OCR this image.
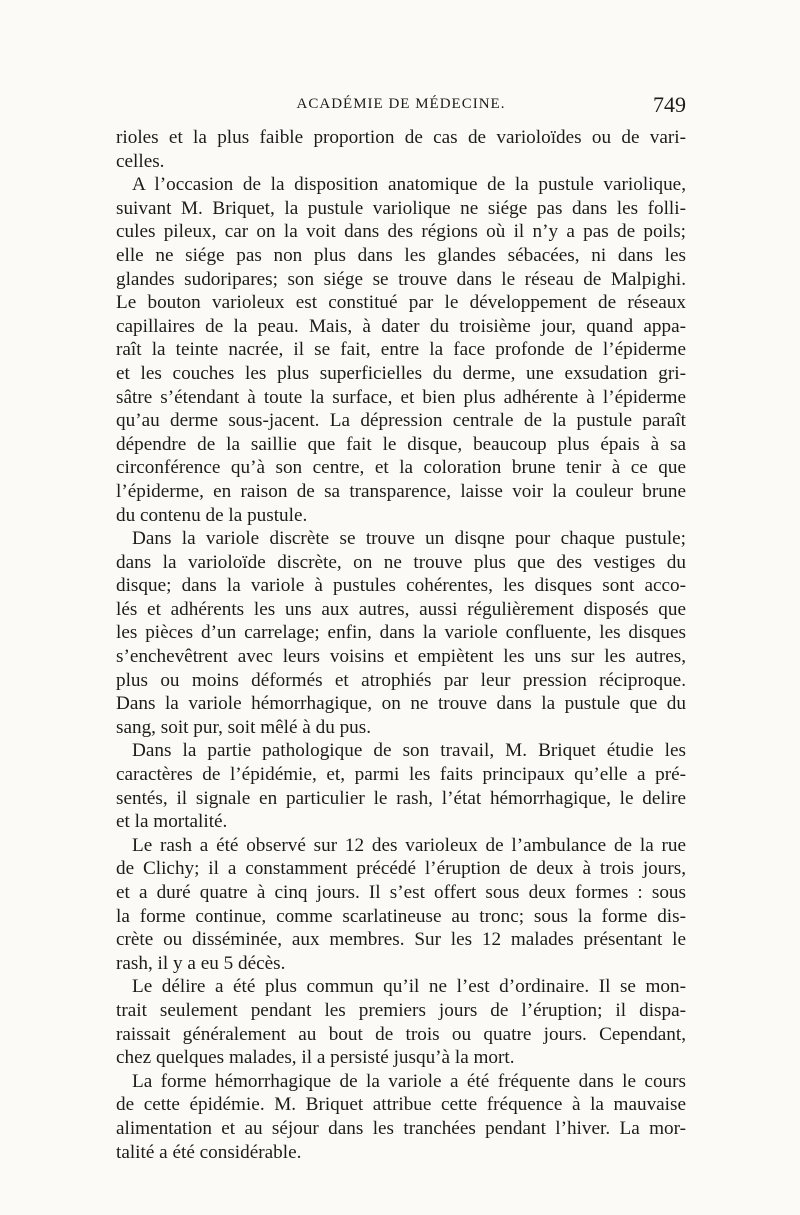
ACADÉMIE DE MÉDECINE.	749
rioles et la plus faible proportion de cas de varioloïdes ou de vari-
celles.
A l’occasion de la disposition anatomique de la pustule variolique,
suivant M. Briquet, la pustule variolique ne siége pas dans les folli-
cules pileux, car on la voit dans des régions où il n’y a pas de poils;
elle ne siége pas non plus dans les glandes sébacées, ni dans les
glandes sudoripares; son siége se trouve dans le réseau de Malpighi.
Le bouton varioleux est constitué par le développement de réseaux
capillaires de la peau. Mais, à dater du troisième jour, quand appa-
raît la teinte nacrée, il se fait, entre la face profonde de l’épiderme
et les couches les plus superficielles du derme, une exsudation gri-
sâtre s’étendant à toute la surface, et bien plus adhérente à l’épiderme
qu’au derme sous-jacent. La dépression centrale de la pustule paraît
dépendre de la saillie que fait le disque, beaucoup plus épais à sa
circonférence qu’à son centre, et la coloration brune tenir à ce que
l’épiderme, en raison de sa transparence, laisse voir la couleur brune
du contenu de la pustule.
Dans la variole discrète se trouve un disqne pour chaque pustule;
dans la varioloïde discrète, on ne trouve plus que des vestiges du
disque; dans la variole à pustules cohérentes, les disques sont acco-
lés et adhérents les uns aux autres, aussi régulièrement disposés que
les pièces d’un carrelage; enfin, dans la variole confluente, les disques
s’enchevêtrent avec leurs voisins et empiètent les uns sur les autres,
plus ou moins déformés et atrophiés par leur pression réciproque.
Dans la variole hémorrhagique, on ne trouve dans la pustule que du
sang, soit pur, soit mêlé à du pus.
Dans la partie pathologique de son travail, M. Briquet étudie les
caractères de l’épidémie, et, parmi les faits principaux qu’elle a pré-
sentés, il signale en particulier le rash, l’état hémorrhagique, le delire
et la mortalité.
Le rash a été observé sur 12 des varioleux de l’ambulance de la rue
de Clichy; il a constamment précédé l’éruption de deux à trois jours,
et a duré quatre à cinq jours. Il s’est offert sous deux formes : sous
la forme continue, comme scarlatineuse au tronc; sous la forme dis-
crète ou disséminée, aux membres. Sur les 12 malades présentant le
rash, il y a eu 5 décès.
Le délire a été plus commun qu’il ne l’est d’ordinaire. Il se mon-
trait seulement pendant les premiers jours de l’éruption; il dispa-
raissait généralement au bout de trois ou quatre jours. Cependant,
chez quelques malades, il a persisté jusqu’à la mort.
La forme hémorrhagique de la variole a été fréquente dans le cours
de cette épidémie. M. Briquet attribue cette fréquence à la mauvaise
alimentation et au séjour dans les tranchées pendant l’hiver. La mor-
talité a été considérable.
